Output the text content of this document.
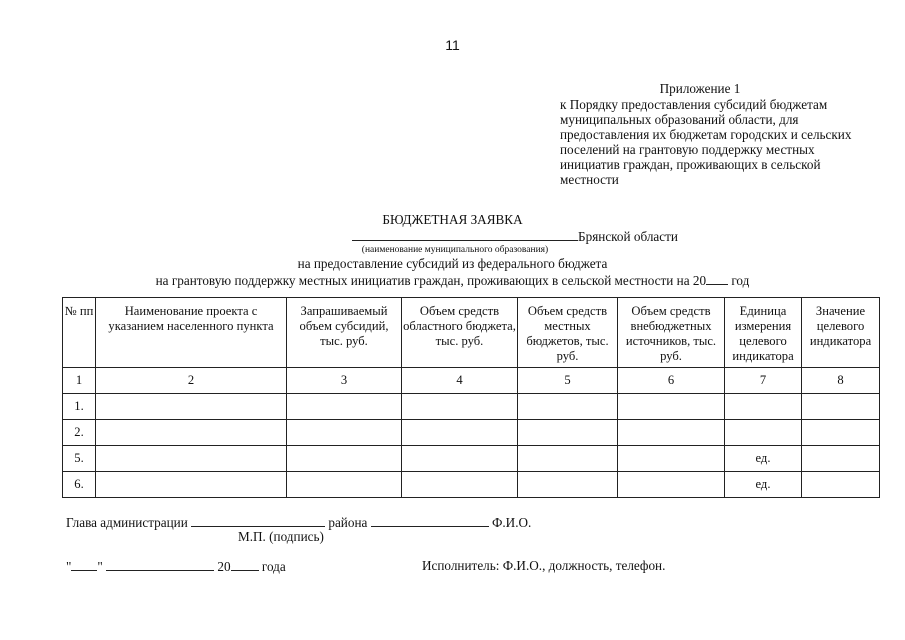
11
Приложение 1
к Порядку предоставления субсидий бюджетам
муниципальных образований области, для
предоставления их бюджетам городских и сельских
поселений на грантовую поддержку местных
инициатив граждан, проживающих в сельской
местности
БЮДЖЕТНАЯ ЗАЯВКА
Брянской области
(наименование муниципального образования)
на предоставление субсидий из федерального бюджета
на грантовую поддержку местных инициатив граждан, проживающих в сельской местности на 20 год
№ пп	Наименование проекта с указанием населенного пункта	Запрашиваемый объем субсидий, тыс. руб.	Объем средств областного бюджета, тыс. руб.	Объем средств местных бюджетов, тыс. руб.	Объем средств внебюджетных источников, тыс. руб.	Единица измерения целевого индикатора	Значение целевого индикатора
1	2	3	4	5	6	7	8
1.							
2.							
5.						ед.	
6.						ед.	
Глава администрации	района	Ф.И.О.
М.П. (подпись)
" "	20 года	Исполнитель: Ф.И.О., должность, телефон.
